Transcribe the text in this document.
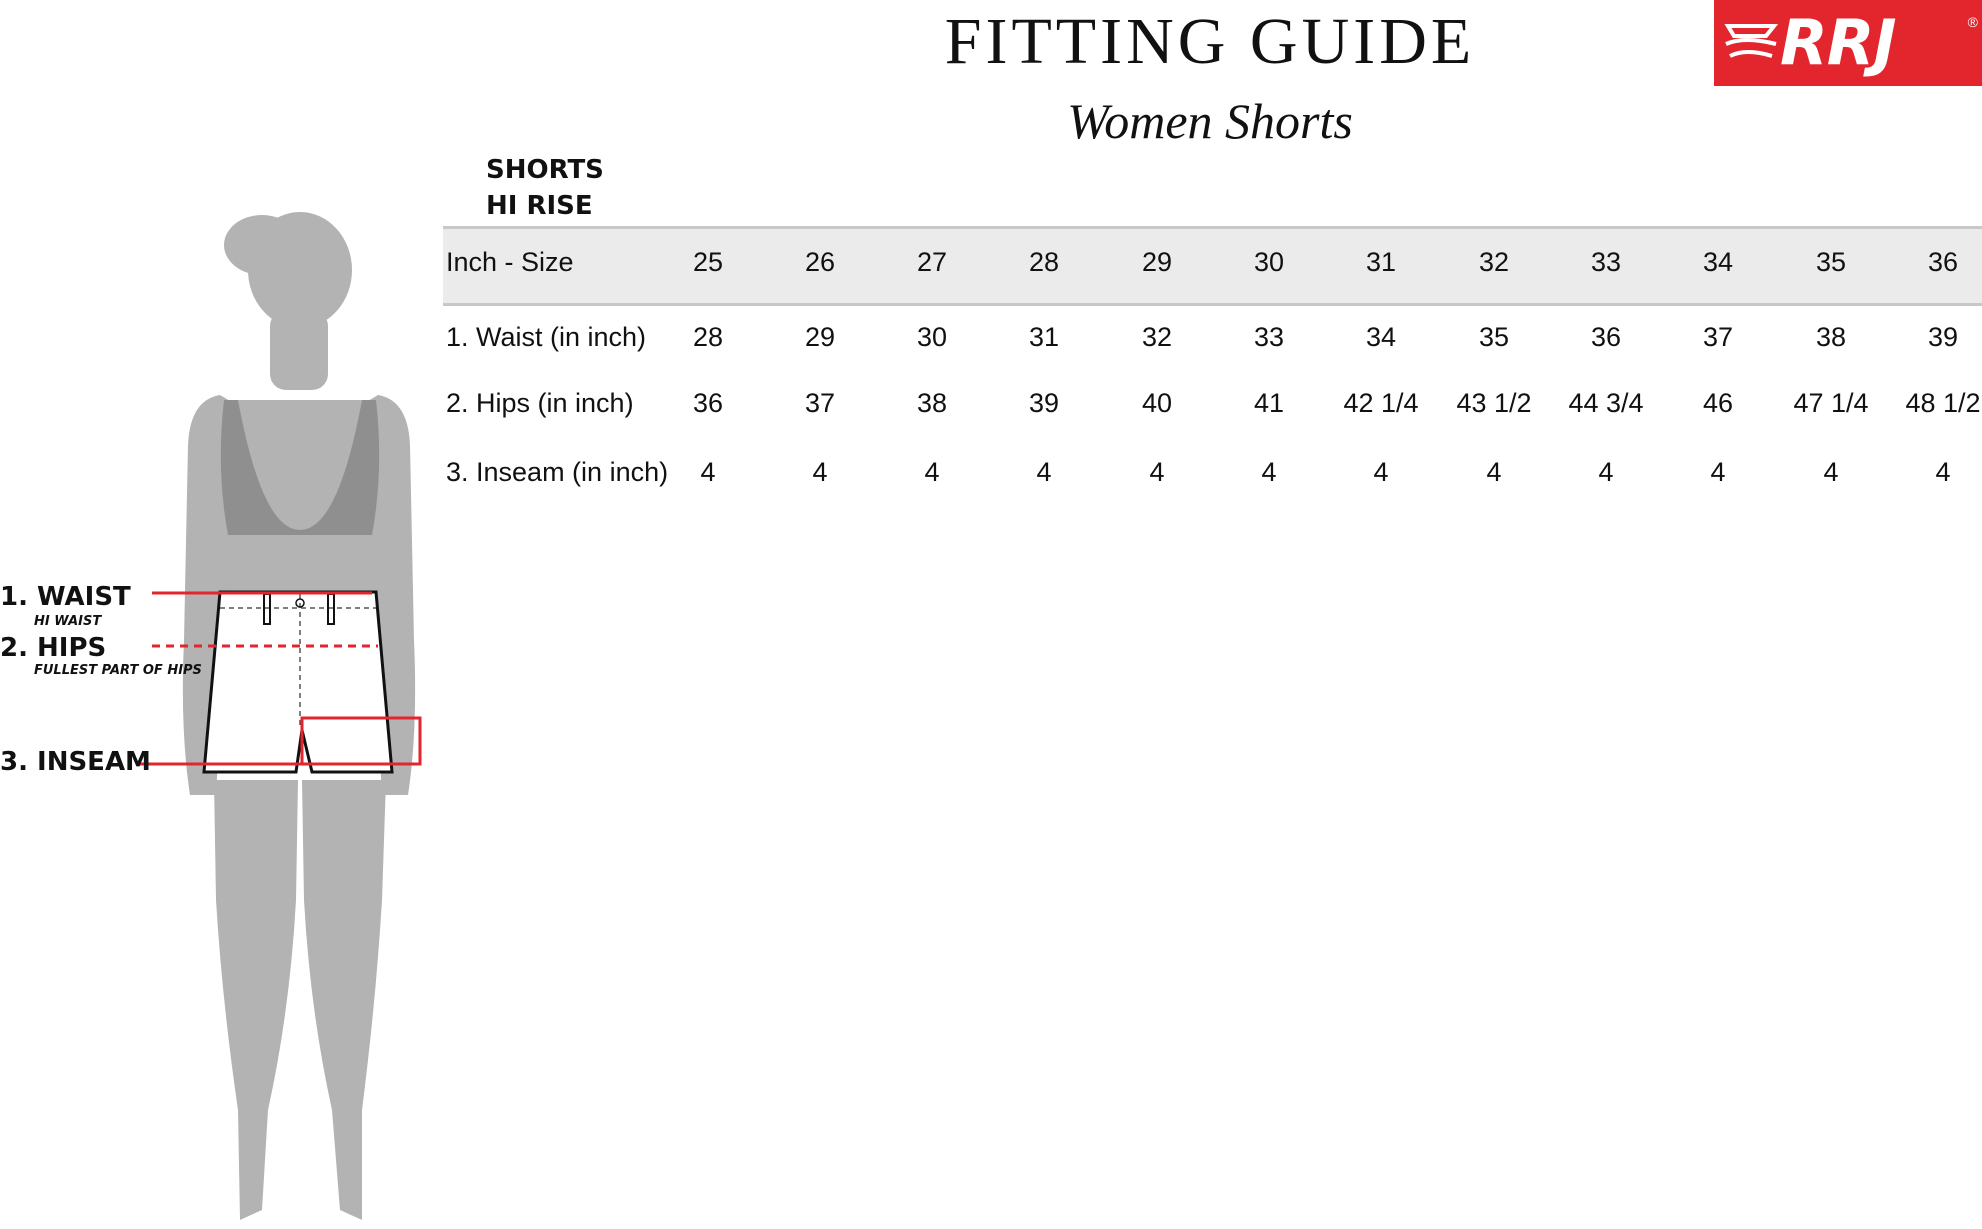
FITTING GUIDE
Women Shorts
RRJ	®
SHORTS
HI RISE
Inch - Size	25	26	27	28	29	30	31	32	33	34	35	36
1. Waist (in inch)	28	29	30	31	32	33	34	35	36	37	38	39
2. Hips (in inch)	36	37	38	39	40	41	42 1/4	43 1/2	44 3/4	46	47 1/4	48 1/2
3. Inseam (in inch)	4	4	4	4	4	4	4	4	4	4	4	4
1. WAIST
HI WAIST
2. HIPS
FULLEST PART OF HIPS
3. INSEAM
